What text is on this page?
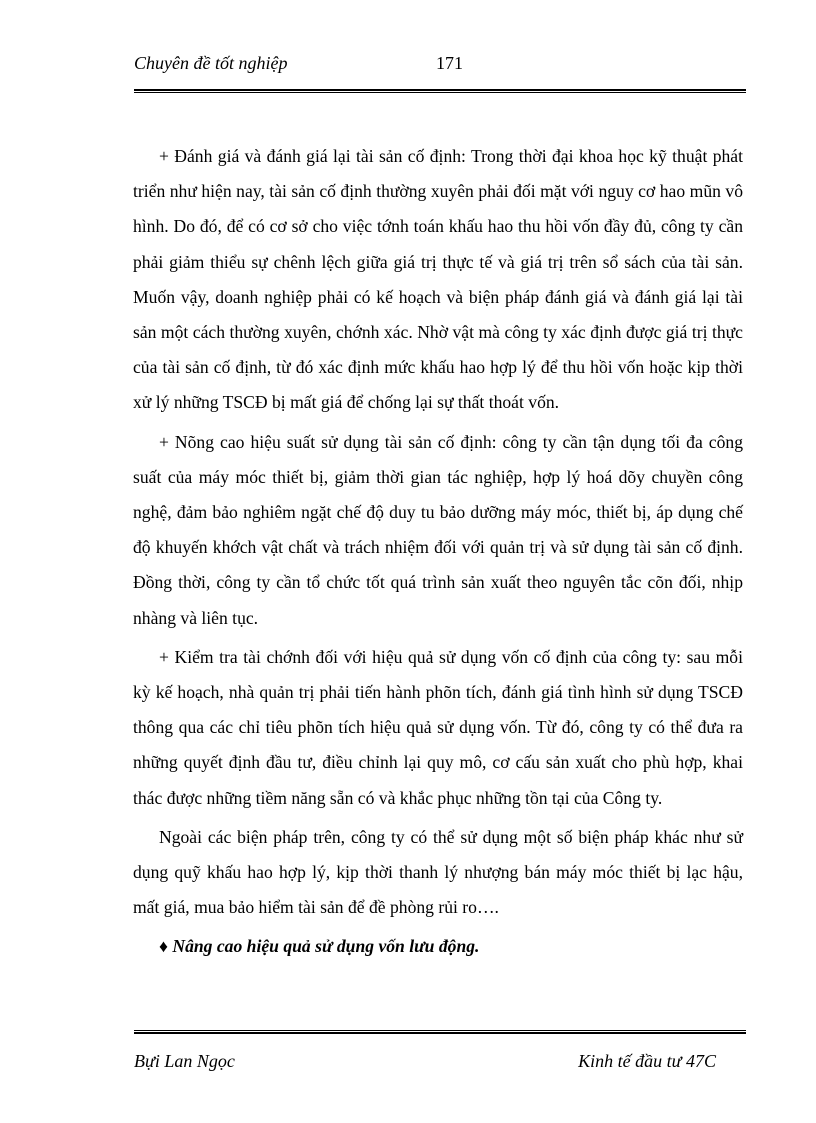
Chuyên đề tốt nghiệp	171

+ Đánh giá và đánh giá lại tài sản cố định: Trong thời đại khoa học kỹ thuật phát triển như hiện nay, tài sản cố định thường xuyên phải đối mặt với nguy cơ hao mũn vô hình. Do đó, để có cơ sở cho việc tớnh toán khấu hao thu hồi vốn đầy đủ, công ty cần phải giảm thiểu sự chênh lệch giữa giá trị thực tế và giá trị trên sổ sách của tài sản. Muốn vậy, doanh nghiệp phải có kế hoạch và biện pháp đánh giá và đánh giá lại tài sản một cách thường xuyên, chớnh xác. Nhờ vật mà công ty xác định được giá trị thực của tài sản cố định, từ đó xác định mức khấu hao hợp lý để thu hồi vốn hoặc kịp thời xử lý những TSCĐ bị mất giá để chống lại sự thất thoát vốn.

+ Nõng cao hiệu suất sử dụng tài sản cố định: công ty cần tận dụng tối đa công suất của máy móc thiết bị, giảm thời gian tác nghiệp, hợp lý hoá dõy chuyền công nghệ, đảm bảo nghiêm ngặt chế độ duy tu bảo dưỡng máy móc, thiết bị, áp dụng chế độ khuyến khớch vật chất và trách nhiệm đối với quản trị và sử dụng tài sản cố định. Đồng thời, công ty cần tổ chức tốt quá trình sản xuất theo nguyên tắc cõn đối, nhịp nhàng và liên tục.

+ Kiểm tra tài chớnh đối với hiệu quả sử dụng vốn cố định của công ty: sau mỗi kỳ kế hoạch, nhà quản trị phải tiến hành phõn tích, đánh giá tình hình sử dụng TSCĐ thông qua các chỉ tiêu phõn tích hiệu quả sử dụng vốn. Từ đó, công ty có thể đưa ra những quyết định đầu tư, điều chỉnh lại quy mô, cơ cấu sản xuất cho phù hợp, khai thác được những tiềm năng sẵn có và khắc phục những tồn tại của Công ty.

Ngoài các biện pháp trên, công ty có thể sử dụng một số biện pháp khác như sử dụng quỹ khấu hao hợp lý, kịp thời thanh lý nhượng bán máy móc thiết bị lạc hậu, mất giá, mua bảo hiểm tài sản để đề phòng rủi ro….

♦ Nâng cao hiệu quả sử dụng vốn lưu động.

Bựi Lan Ngọc	Kinh tế đầu tư 47C
